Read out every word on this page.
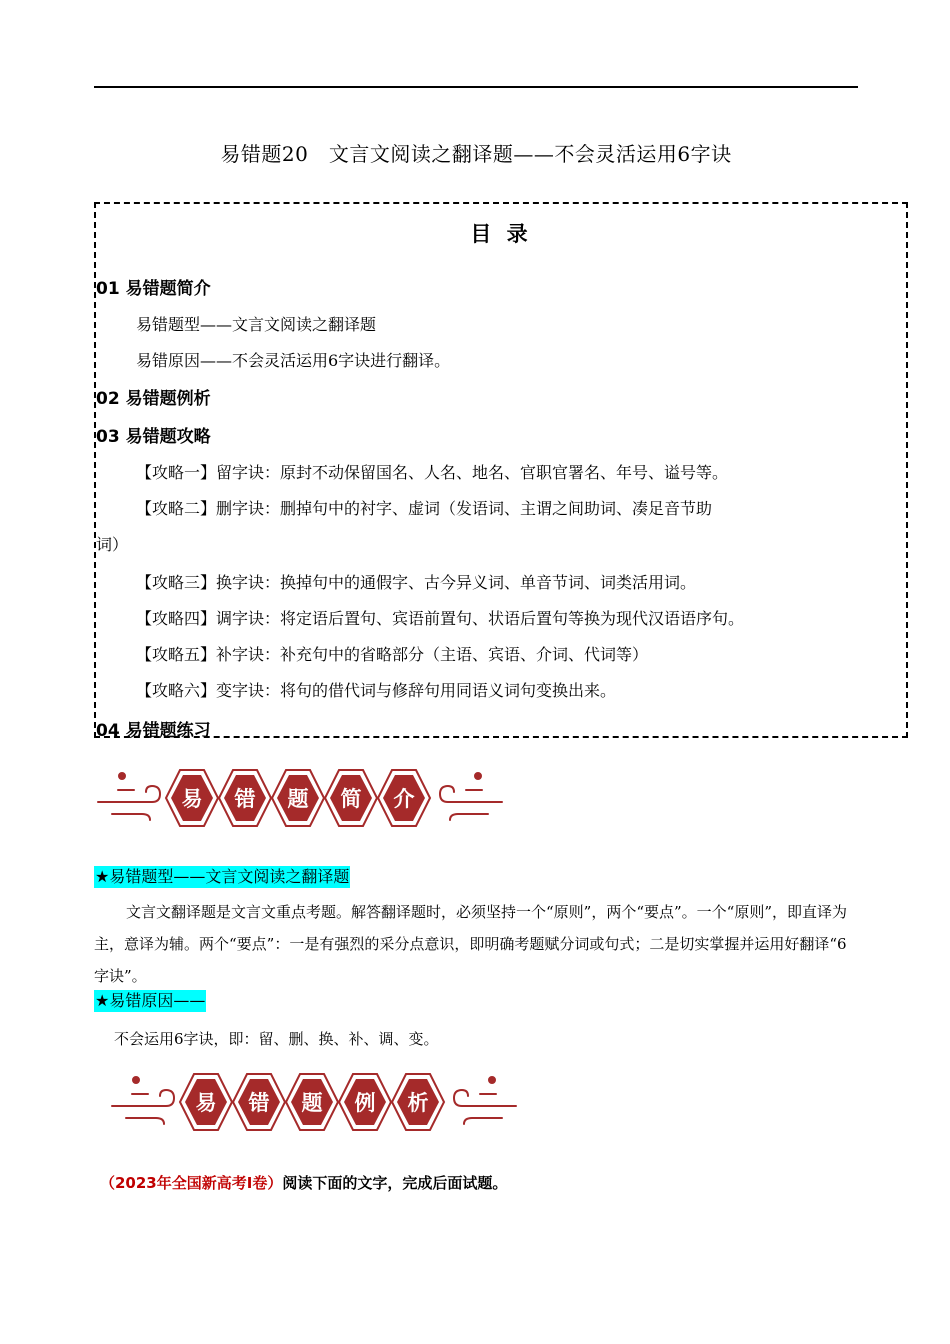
易错题20　文言文阅读之翻译题——不会灵活运用6字诀
目 录
01 易错题简介
易错题型——文言文阅读之翻译题
易错原因——不会灵活运用6字诀进行翻译。
02 易错题例析
03 易错题攻略
【攻略一】留字诀：原封不动保留国名、人名、地名、官职官署名、年号、谥号等。
【攻略二】删字诀：删掉句中的衬字、虚词（发语词、主谓之间助词、凑足音节助
词）
【攻略三】换字诀：换掉句中的通假字、古今异义词、单音节词、词类活用词。
【攻略四】调字诀：将定语后置句、宾语前置句、状语后置句等换为现代汉语语序句。
【攻略五】补字诀：补充句中的省略部分（主语、宾语、介词、代词等）
【攻略六】变字诀：将句的借代词与修辞句用同语义词句变换出来。
04 易错题练习
易 错 题 简 介
★易错题型——文言文阅读之翻译题
文言文翻译题是文言文重点考题。解答翻译题时，必须坚持一个“原则”，两个“要点”。一个“原则”，即直译为主，意译为辅。两个“要点”：一是有强烈的采分点意识，即明确考题赋分词或句式；二是切实掌握并运用好翻译“6字诀”。
★易错原因——
不会运用6字诀，即：留、删、换、补、调、变。
易 错 题 例 析
（2023年全国新高考Ⅰ卷）阅读下面的文字，完成后面试题。
